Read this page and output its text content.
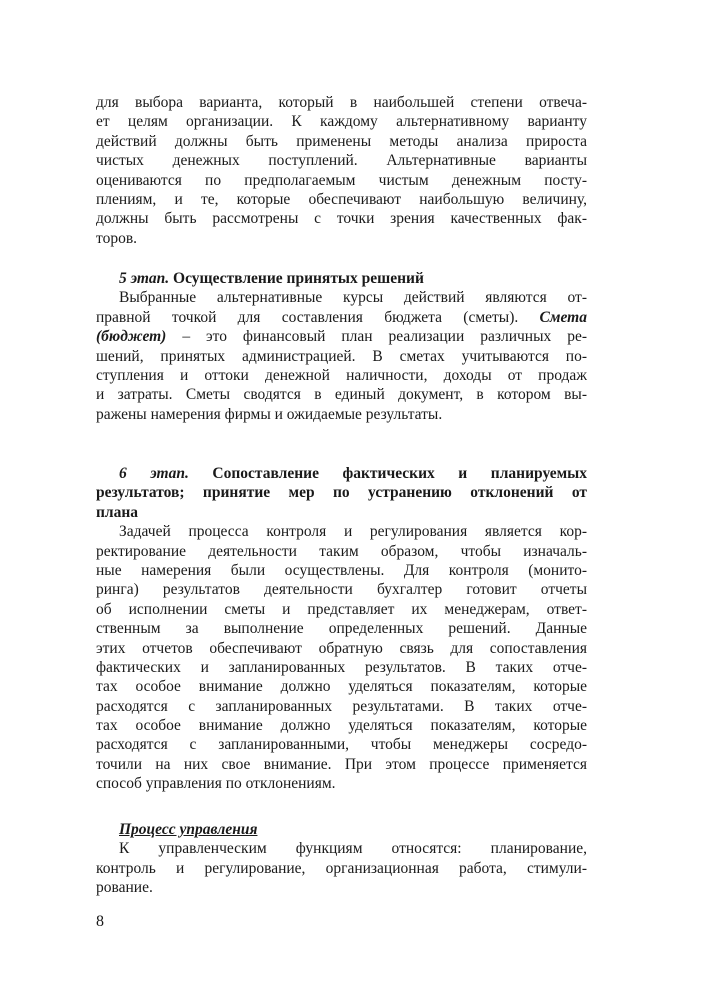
для выбора варианта, который в наибольшей степени отвеча-
ет целям организации. К каждому альтернативному варианту
действий должны быть применены методы анализа прироста
чистых денежных поступлений. Альтернативные варианты
оцениваются по предполагаемым чистым денежным посту-
плениям, и те, которые обеспечивают наибольшую величину,
должны быть рассмотрены с точки зрения качественных фак-
торов.
5 этап. Осуществление принятых решений
Выбранные альтернативные курсы действий являются от-
правной точкой для составления бюджета (сметы). Смета
(бюджет) – это финансовый план реализации различных ре-
шений, принятых администрацией. В сметах учитываются по-
ступления и оттоки денежной наличности, доходы от продаж
и затраты. Сметы сводятся в единый документ, в котором вы-
ражены намерения фирмы и ожидаемые результаты.
6 этап. Сопоставление фактических и планируемых
результатов; принятие мер по устранению отклонений от
плана
Задачей процесса контроля и регулирования является кор-
ректирование деятельности таким образом, чтобы изначаль-
ные намерения были осуществлены. Для контроля (монито-
ринга) результатов деятельности бухгалтер готовит отчеты
об исполнении сметы и представляет их менеджерам, ответ-
ственным за выполнение определенных решений. Данные
этих отчетов обеспечивают обратную связь для сопоставления
фактических и запланированных результатов. В таких отче-
тах особое внимание должно уделяться показателям, которые
расходятся с запланированных результатами. В таких отче-
тах особое внимание должно уделяться показателям, которые
расходятся с запланированными, чтобы менеджеры сосредо-
точили на них свое внимание. При этом процессе применяется
способ управления по отклонениям.
Процесс управления
К управленческим функциям относятся: планирование,
контроль и регулирование, организационная работа, стимули-
рование.
8
